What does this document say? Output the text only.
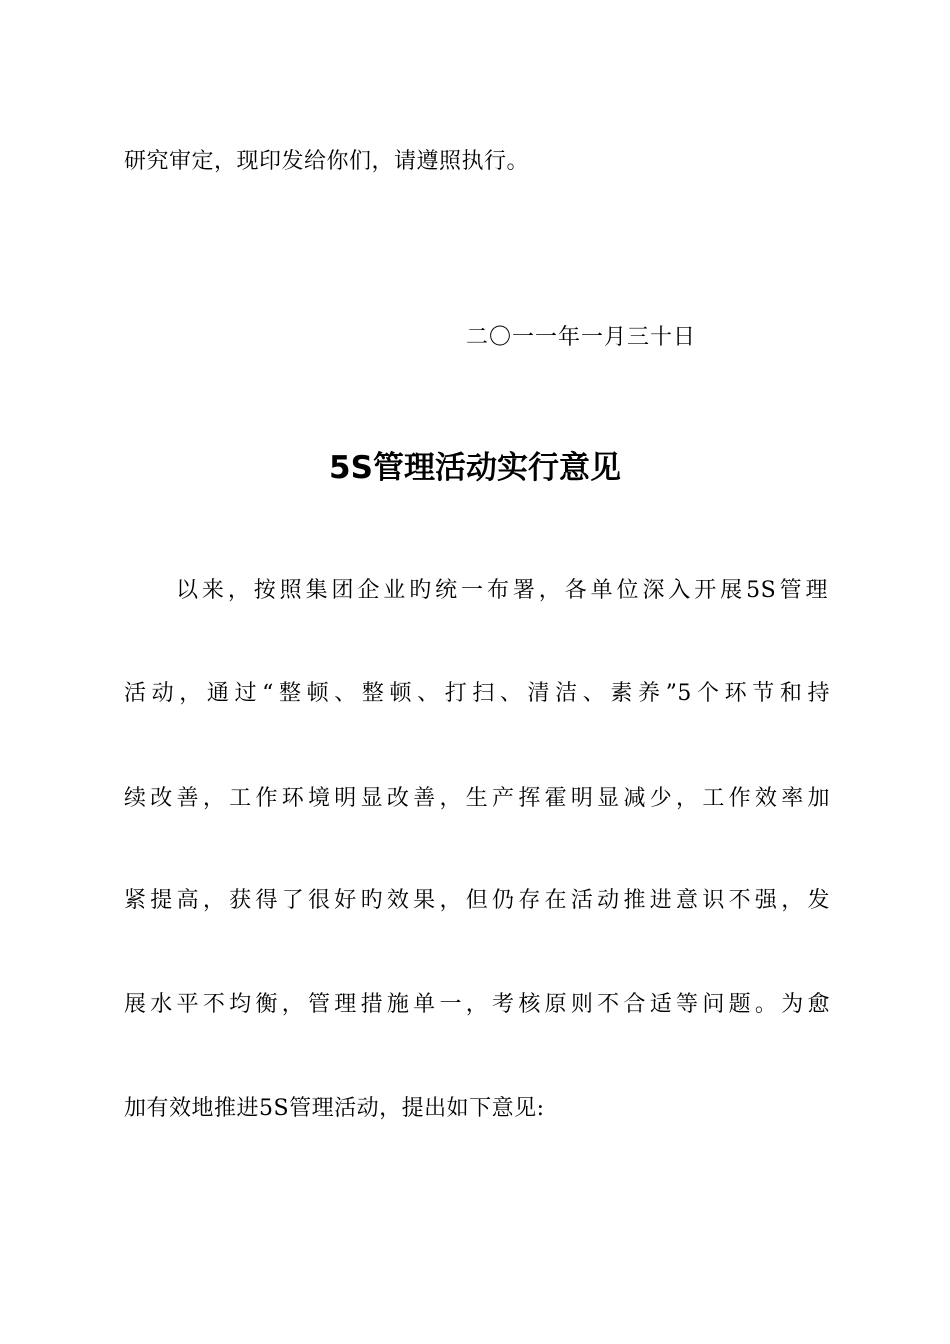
研究审定，现印发给你们，请遵照执行。
二〇一一年一月三十日
5S管理活动实行意见
以来，按照集团企业旳统一布署，各单位深入开展5S管理
活动，通过“整顿、整顿、打扫、清洁、素养”5个环节和持
续改善，工作环境明显改善，生产挥霍明显减少，工作效率加
紧提高，获得了很好旳效果，但仍存在活动推进意识不强，发
展水平不均衡，管理措施单一，考核原则不合适等问题。为愈
加有效地推进5S管理活动，提出如下意见:
